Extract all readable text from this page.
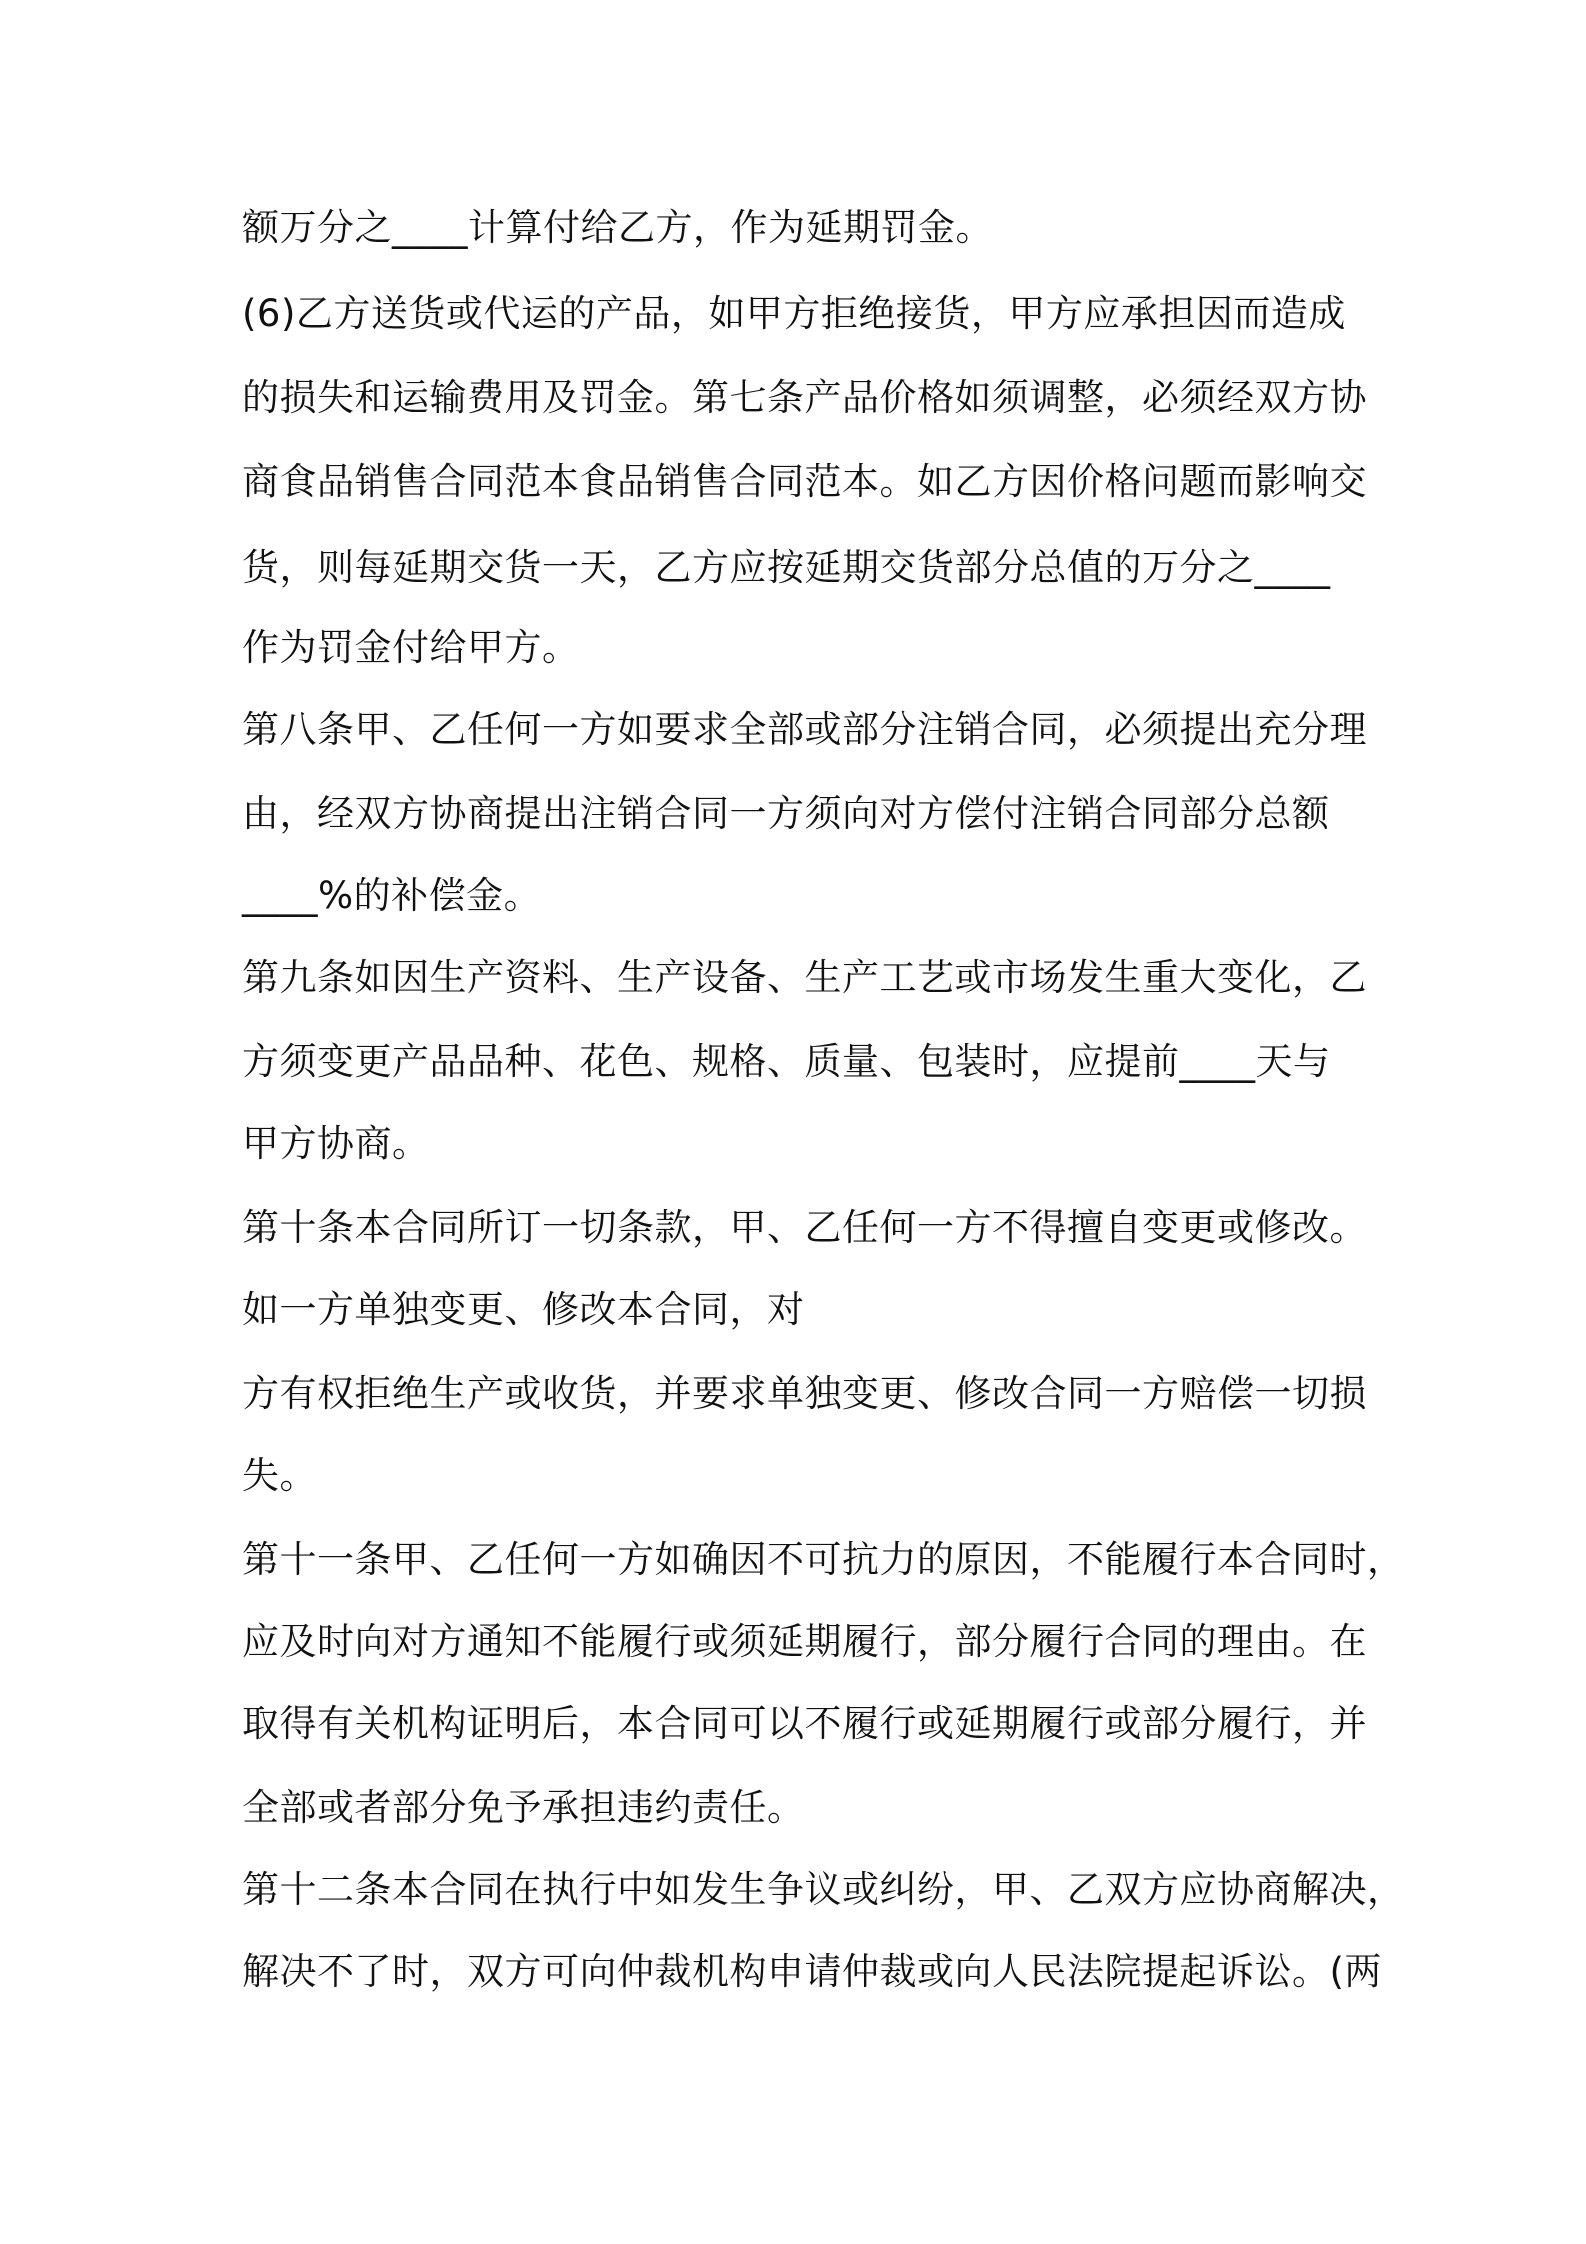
额万分之____计算付给乙方，作为延期罚金。
(6)乙方送货或代运的产品，如甲方拒绝接货，甲方应承担因而造成
的损失和运输费用及罚金。第七条产品价格如须调整，必须经双方协
商食品销售合同范本食品销售合同范本。如乙方因价格问题而影响交
货，则每延期交货一天，乙方应按延期交货部分总值的万分之____
作为罚金付给甲方。
第八条甲、乙任何一方如要求全部或部分注销合同，必须提出充分理
由，经双方协商提出注销合同一方须向对方偿付注销合同部分总额
____%的补偿金。
第九条如因生产资料、生产设备、生产工艺或市场发生重大变化，乙
方须变更产品品种、花色、规格、质量、包装时，应提前____天与
甲方协商。
第十条本合同所订一切条款，甲、乙任何一方不得擅自变更或修改。
如一方单独变更、修改本合同，对
方有权拒绝生产或收货，并要求单独变更、修改合同一方赔偿一切损
失。
第十一条甲、乙任何一方如确因不可抗力的原因，不能履行本合同时，
应及时向对方通知不能履行或须延期履行，部分履行合同的理由。在
取得有关机构证明后，本合同可以不履行或延期履行或部分履行，并
全部或者部分免予承担违约责任。
第十二条本合同在执行中如发生争议或纠纷，甲、乙双方应协商解决，
解决不了时，双方可向仲裁机构申请仲裁或向人民法院提起诉讼。(两
